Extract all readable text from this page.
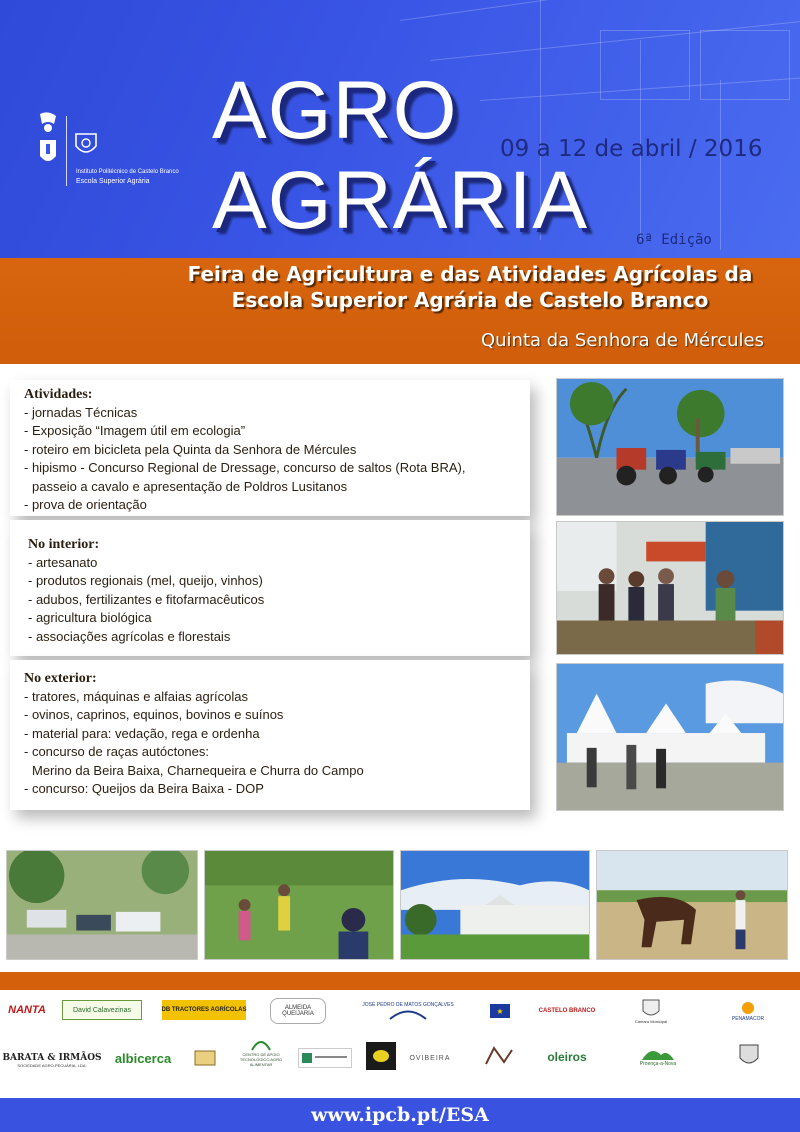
Instituto Politécnico de Castelo Branco
Escola Superior Agrária
AGRO
AGRÁRIA
09 a 12 de abril / 2016
6ª Edição
Feira de Agricultura e das Atividades Agrícolas da
Escola Superior Agrária de Castelo Branco
Quinta da Senhora de Mércules
Atividades:
- jornadas Técnicas
- Exposição “Imagem útil em ecologia”
- roteiro em bicicleta pela Quinta da Senhora de Mércules
- hipismo - Concurso Regional de Dressage, concurso de saltos (Rota BRA),
passeio a cavalo e apresentação de Poldros Lusitanos
- prova de orientação
No interior:
- artesanato
- produtos regionais (mel, queijo, vinhos)
- adubos, fertilizantes e fitofarmacêuticos
- agricultura biológica
- associações agrícolas e florestais
No exterior:
- tratores, máquinas e alfaias agrícolas
- ovinos, caprinos, equinos, bovinos e suínos
- material para: vedação, rega e ordenha
- concurso de raças autóctones:
Merino da Beira Baixa, Charnequeira e Churra do Campo
- concurso: Queijos da Beira Baixa - DOP
NANTA	David Calavezinas	DB TRACTORES AGRÍCOLAS	ALMEIDA QUEIJARIA
JOSÉ PEDRO DE MATOS GONÇALVES
★	CASTELO BRANCO
Câmara Municipal	PENAMACOR
BARATA & IRMÃOS
SOCIEDADE AGRO-PECUÁRIA, LDA. albicerca	CENTRO DE APOIO TECNOLÓGICO AGRO ALIMENTAR
OVIBEIRA	oleiros	Proença-a-Nova
www.ipcb.pt/ESA
